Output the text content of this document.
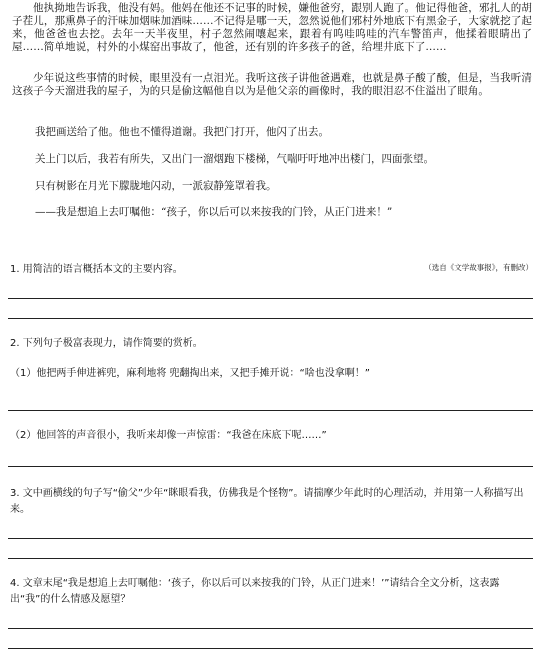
他执拗地告诉我，他没有妈。他妈在他还不记事的时候，嫌他爸穷，跟别人跑了。他记得他爸，邪扎人的胡子茬儿，那熏鼻子的汗味加烟味加酒味……不记得是哪一天，忽然说他们邪村外地底下有黑金子，大家就挖了起来，他爸爸也去挖。去年一天半夜里，村子忽然闹嚷起来，跟着有呜哇呜哇的汽车警笛声，他揉着眼睛出了屋……简单地说，村外的小煤窑出事故了，他爸，还有别的许多孩子的爸，给埋井底下了……
少年说这些事情的时候，眼里没有一点泪光。我听这孩子讲他爸遇难，也就是鼻子酸了酸，但是，当我听清这孩子今天溜进我的屋子，为的只是偷这幅他自以为是他父亲的画像时，我的眼泪忍不住溢出了眼角。
我把画送给了他。他也不懂得道谢。我把门打开，他闪了出去。
关上门以后，我若有所失，又出门一溜烟跑下楼梯，气喘吁吁地冲出楼门，四面张望。
只有树影在月光下朦胧地闪动，一派寂静笼罩着我。
——我是想追上去叮嘱他：“孩子，你以后可以来按我的门铃，从正门进来！”
（选自《文学故事报》，有删改）
1. 用简洁的语言概括本文的主要内容。
2. 下列句子极富表现力，请作简要的赏析。
（1）他把两手伸进裤兜，麻利地将 兜翻掏出来，又把手摊开说：“啥也没拿啊！”
（2）他回答的声音很小，我听来却像一声惊雷：“我爸在床底下呢……”
3. 文中画横线的句子写“偷父”少年“眯眼看我，仿佛我是个怪物”。请揣摩少年此时的心理活动，并用第一人称描写出来。
4. 文章末尾“我是想追上去叮嘱他：‘孩子，你以后可以来按我的门铃，从正门进来！’”请结合全文分析，这表露出“我”的什么情感及愿望？
